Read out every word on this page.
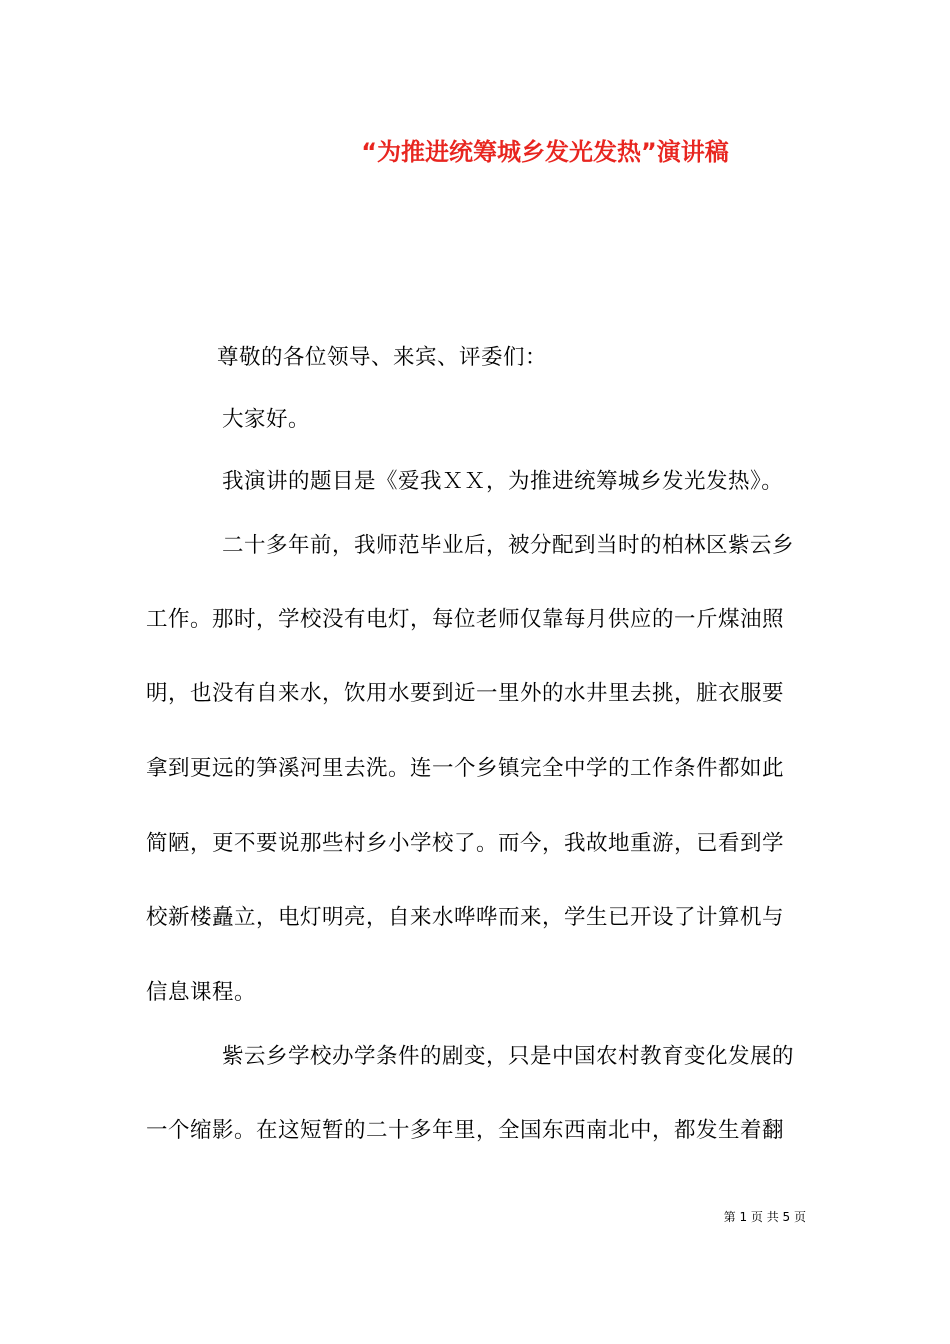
“为推进统筹城乡发光发热”演讲稿
尊敬的各位领导、来宾、评委们：
大家好。
我演讲的题目是《爱我ＸＸ，为推进统筹城乡发光发热》。
二十多年前，我师范毕业后，被分配到当时的柏林区紫云乡
工作。那时，学校没有电灯，每位老师仅靠每月供应的一斤煤油照
明，也没有自来水，饮用水要到近一里外的水井里去挑，脏衣服要
拿到更远的笋溪河里去洗。连一个乡镇完全中学的工作条件都如此
简陋，更不要说那些村乡小学校了。而今，我故地重游，已看到学
校新楼矗立，电灯明亮，自来水哗哗而来，学生已开设了计算机与
信息课程。
紫云乡学校办学条件的剧变，只是中国农村教育变化发展的
一个缩影。在这短暂的二十多年里，全国东西南北中，都发生着翻
第 1 页 共 5 页
